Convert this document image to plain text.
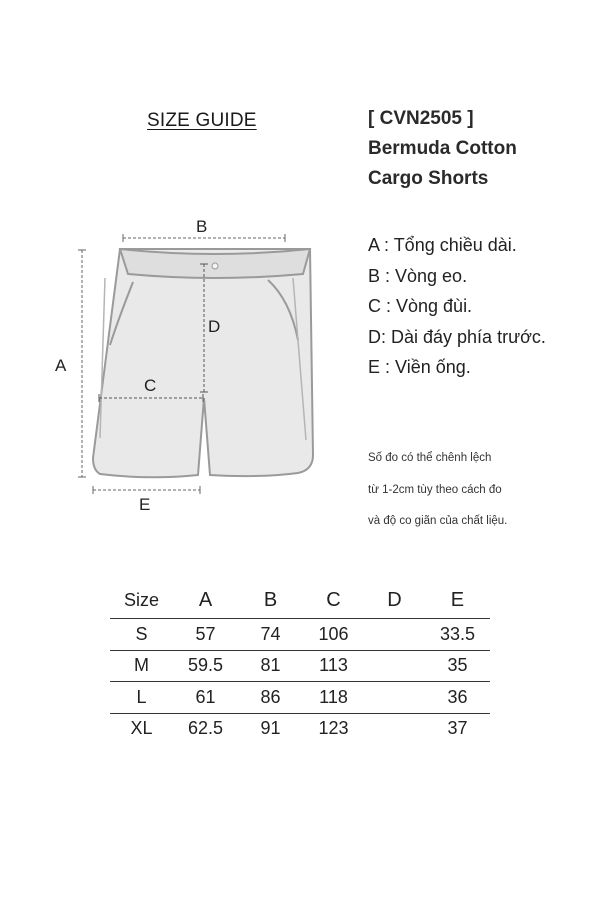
SIZE GUIDE	[ CVN2505 ]
Bermuda Cotton
Cargo Shorts
B
A
D
C
E
A : Tổng chiều dài.
B : Vòng eo.
C : Vòng đùi.
D: Dài đáy phía trước.
E : Viền ống.
Số đo có thể chênh lệch
từ 1-2cm tùy theo cách đo
và độ co giãn của chất liệu.
Size	A	B	C	D	E
S	57	74	106		33.5
M	59.5	81	113		35
L	61	86	118		36
XL	62.5	91	123		37
